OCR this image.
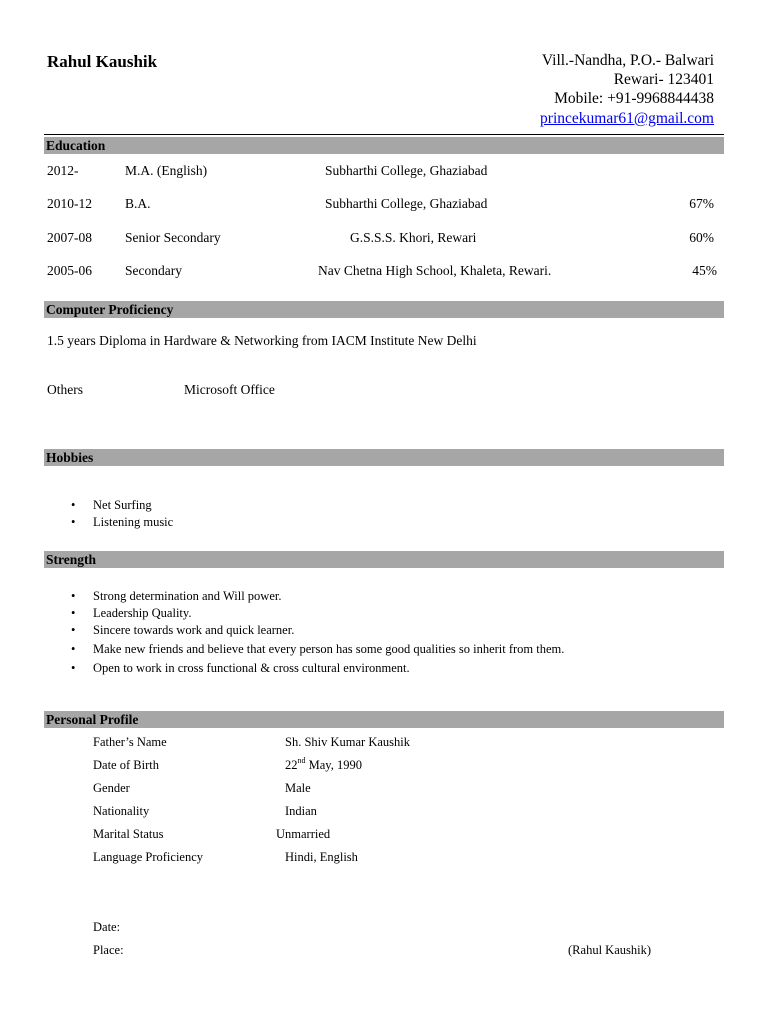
Rahul Kaushik	Vill.-Nandha, P.O.- Balwari
Rewari- 123401
Mobile: +91-9968844438
princekumar61@gmail.com
Education
2012-	M.A. (English)	Subharthi College, Ghaziabad
2010-12 B.A.	Subharthi College, Ghaziabad	67%
2007-08 Senior Secondary	G.S.S.S. Khori, Rewari	60%
2005-06 Secondary	Nav Chetna High School, Khaleta, Rewari.	45%
Computer Proficiency
1.5 years Diploma in Hardware & Networking from IACM Institute New Delhi
Others	Microsoft Office
Hobbies
• Net Surfing
• Listening music
Strength
• Strong determination and Will power.
• Leadership Quality.
• Sincere towards work and quick learner.
• Make new friends and believe that every person has some good qualities so inherit from them.
• Open to work in cross functional & cross cultural environment.
Personal Profile
Father’s Name	Sh. Shiv Kumar Kaushik
Date of Birth	22nd May, 1990
Gender	Male
Nationality	Indian
Marital Status	Unmarried
Language Proficiency	Hindi, English
Date:
Place:	(Rahul Kaushik)
